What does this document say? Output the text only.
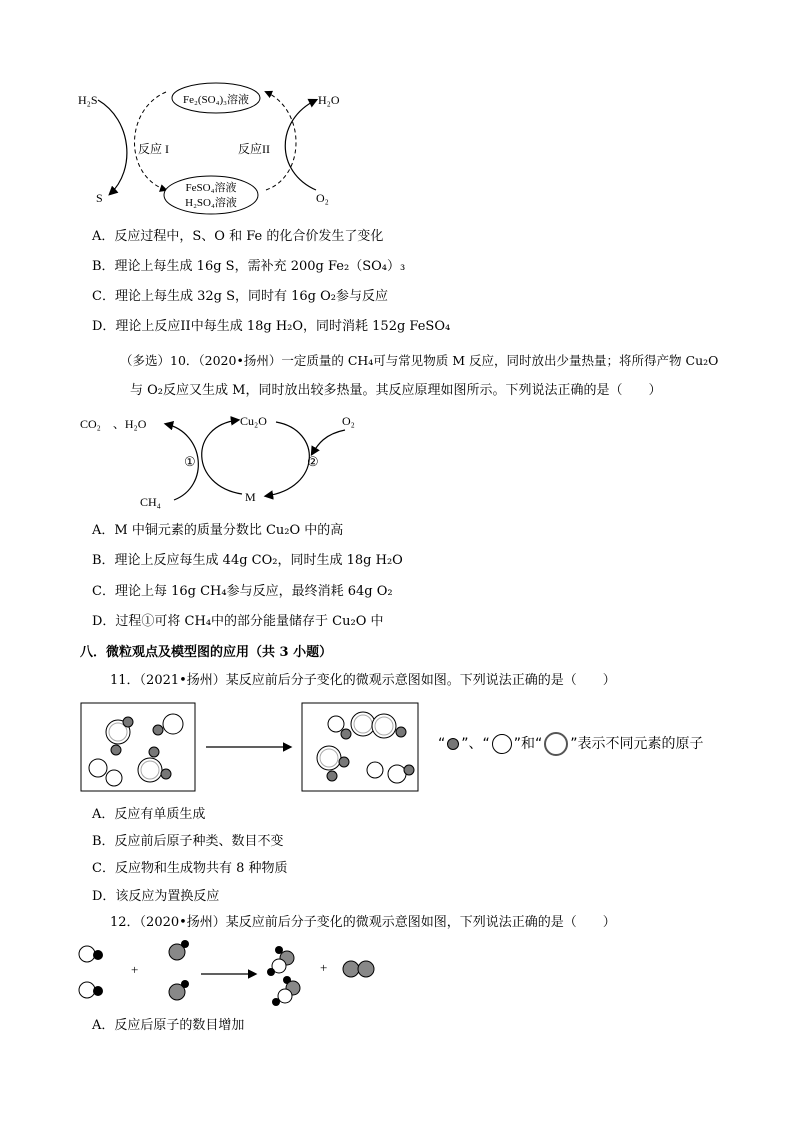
H₂S
S
H₂O
O₂
反应 I	反应II
Fe₂(SO₄)₃溶液
FeSO₄溶液
H₂SO₄溶液
A．反应过程中，S、O 和 Fe 的化合价发生了变化
B．理论上每生成 16g S，需补充 200g Fe₂（SO₄）₃
C．理论上每生成 32g S，同时有 16g O₂参与反应
D．理论上反应II中每生成 18g H₂O，同时消耗 152g FeSO₄
（多选）10．（2020•扬州）一定质量的 CH₄可与常见物质 M 反应，同时放出少量热量；将所得产物 Cu₂O
与 O₂反应又生成 M，同时放出较多热量。其反应原理如图所示。下列说法正确的是（　　）
CO₂　、H₂O	Cu₂O	O₂
CH₄	M
①	②
A．M 中铜元素的质量分数比 Cu₂O 中的高
B．理论上反应每生成 44g CO₂，同时生成 18g H₂O
C．理论上每 16g CH₄参与反应，最终消耗 64g O₂
D．过程①可将 CH₄中的部分能量储存于 Cu₂O 中
八．微粒观点及模型图的应用（共 3 小题）
11．（2021•扬州）某反应前后分子变化的微观示意图如图。下列说法正确的是（　　）
“ ”、“ ”和“ ”表示不同元素的原子
A．反应有单质生成
B．反应前后原子种类、数目不变
C．反应物和生成物共有 8 种物质
D．该反应为置换反应
12．（2020•扬州）某反应前后分子变化的微观示意图如图，下列说法正确的是（　　）
+	+
A．反应后原子的数目增加
